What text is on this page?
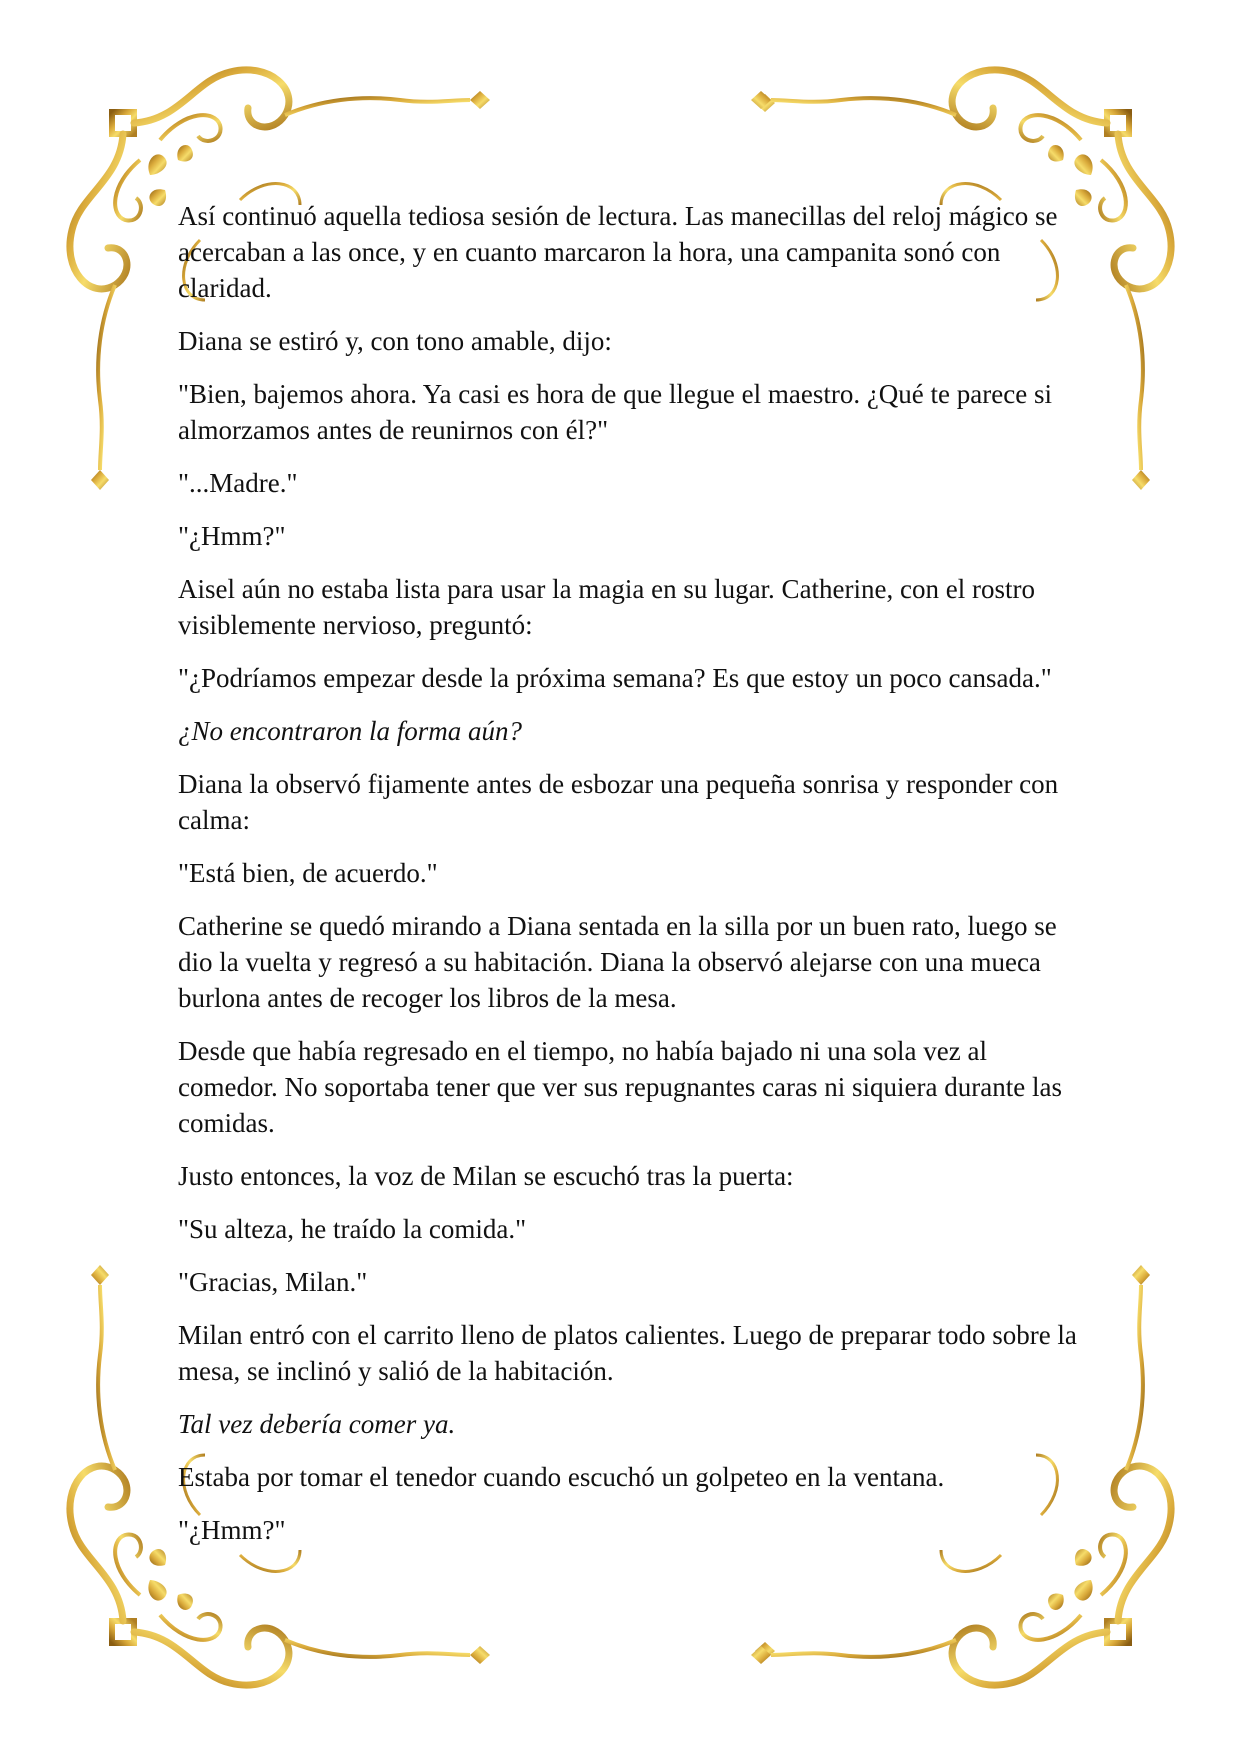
Así continuó aquella tediosa sesión de lectura. Las manecillas del reloj mágico se acercaban a las once, y en cuanto marcaron la hora, una campanita sonó con claridad.

Diana se estiró y, con tono amable, dijo:

"Bien, bajemos ahora. Ya casi es hora de que llegue el maestro. ¿Qué te parece si almorzamos antes de reunirnos con él?"

"...Madre."

"¿Hmm?"

Aisel aún no estaba lista para usar la magia en su lugar. Catherine, con el rostro visiblemente nervioso, preguntó:

"¿Podríamos empezar desde la próxima semana? Es que estoy un poco cansada."

¿No encontraron la forma aún?

Diana la observó fijamente antes de esbozar una pequeña sonrisa y responder con calma:

"Está bien, de acuerdo."

Catherine se quedó mirando a Diana sentada en la silla por un buen rato, luego se dio la vuelta y regresó a su habitación. Diana la observó alejarse con una mueca burlona antes de recoger los libros de la mesa.

Desde que había regresado en el tiempo, no había bajado ni una sola vez al comedor. No soportaba tener que ver sus repugnantes caras ni siquiera durante las comidas.

Justo entonces, la voz de Milan se escuchó tras la puerta:

"Su alteza, he traído la comida."

"Gracias, Milan."

Milan entró con el carrito lleno de platos calientes. Luego de preparar todo sobre la mesa, se inclinó y salió de la habitación.

Tal vez debería comer ya.

Estaba por tomar el tenedor cuando escuchó un golpeteo en la ventana.

"¿Hmm?"
